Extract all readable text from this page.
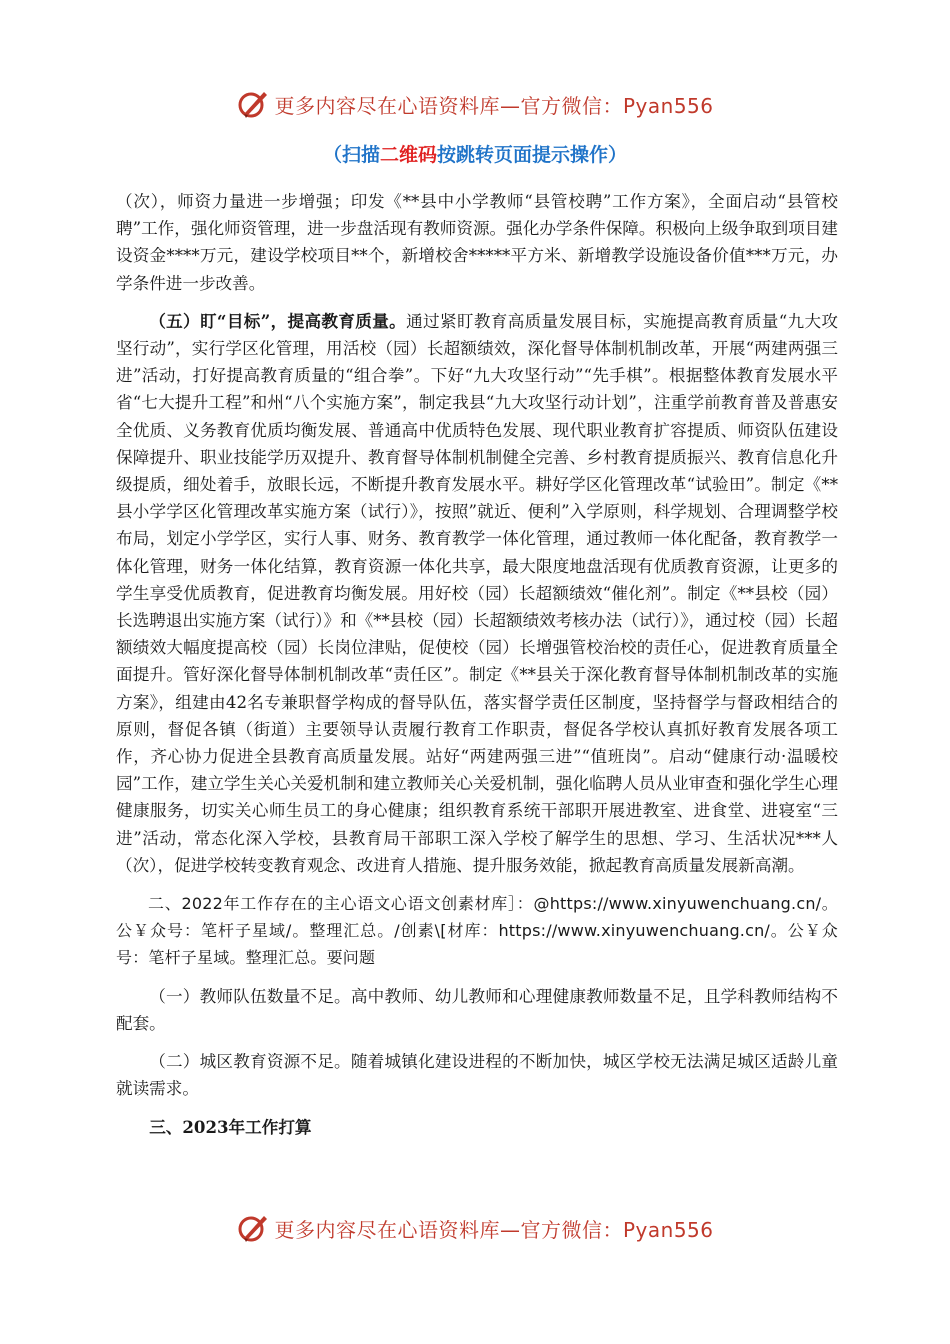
更多内容尽在心语资料库—官方微信：Pyan556
（扫描二维码按跳转页面提示操作）

（次），师资力量进一步增强；印发《**县中小学教师“县管校聘”工作方案》，全面启动“县管校聘”工作，强化师资管理，进一步盘活现有教师资源。强化办学条件保障。积极向上级争取到项目建设资金****万元，建设学校项目**个，新增校舍*****平方米、新增教学设施设备价值***万元，办学条件进一步改善。

（五）盯“目标”，提高教育质量。通过紧盯教育高质量发展目标，实施提高教育质量“九大攻坚行动”，实行学区化管理，用活校（园）长超额绩效，深化督导体制机制改革，开展“两建两强三进”活动，打好提高教育质量的“组合拳”。下好“九大攻坚行动”“先手棋”。根据整体教育发展水平省“七大提升工程”和州“八个实施方案”，制定我县“九大攻坚行动计划”，注重学前教育普及普惠安全优质、义务教育优质均衡发展、普通高中优质特色发展、现代职业教育扩容提质、师资队伍建设保障提升、职业技能学历双提升、教育督导体制机制健全完善、乡村教育提质振兴、教育信息化升级提质，细处着手，放眼长远，不断提升教育发展水平。耕好学区化管理改革“试验田”。制定《**县小学学区化管理改革实施方案（试行）》，按照”就近、便利”入学原则，科学规划、合理调整学校布局，划定小学学区，实行人事、财务、教育教学一体化管理，通过教师一体化配备，教育教学一体化管理，财务一体化结算，教育资源一体化共享，最大限度地盘活现有优质教育资源，让更多的学生享受优质教育，促进教育均衡发展。用好校（园）长超额绩效“催化剂”。制定《**县校（园）长选聘退出实施方案（试行）》和《**县校（园）长超额绩效考核办法（试行）》，通过校（园）长超额绩效大幅度提高校（园）长岗位津贴，促使校（园）长增强管校治校的责任心，促进教育质量全面提升。管好深化督导体制机制改革“责任区”。制定《**县关于深化教育督导体制机制改革的实施方案》，组建由42名专兼职督学构成的督导队伍，落实督学责任区制度，坚持督学与督政相结合的原则，督促各镇（街道）主要领导认责履行教育工作职责，督促各学校认真抓好教育发展各项工作，齐心协力促进全县教育高质量发展。站好“两建两强三进”“值班岗”。启动“健康行动·温暖校园”工作，建立学生关心关爱机制和建立教师关心关爱机制，强化临聘人员从业审查和强化学生心理健康服务，切实关心师生员工的身心健康；组织教育系统干部职开展进教室、进食堂、进寝室“三进”活动，常态化深入学校，县教育局干部职工深入学校了解学生的思想、学习、生活状况***人（次），促进学校转变教育观念、改进育人措施、提升服务效能，掀起教育高质量发展新高潮。

二、2022年工作存在的主心语文心语文创素材库］：@https://www.xinyuwenchuang.cn/。公￥众号：笔杆子星域/。整理汇总。/创素\[材库：https://www.xinyuwenchuang.cn/。公￥众号：笔杆子星域。整理汇总。要问题

（一）教师队伍数量不足。高中教师、幼儿教师和心理健康教师数量不足，且学科教师结构不配套。

（二）城区教育资源不足。随着城镇化建设进程的不断加快，城区学校无法满足城区适龄儿童就读需求。

三、2023年工作打算

更多内容尽在心语资料库—官方微信：Pyan556
